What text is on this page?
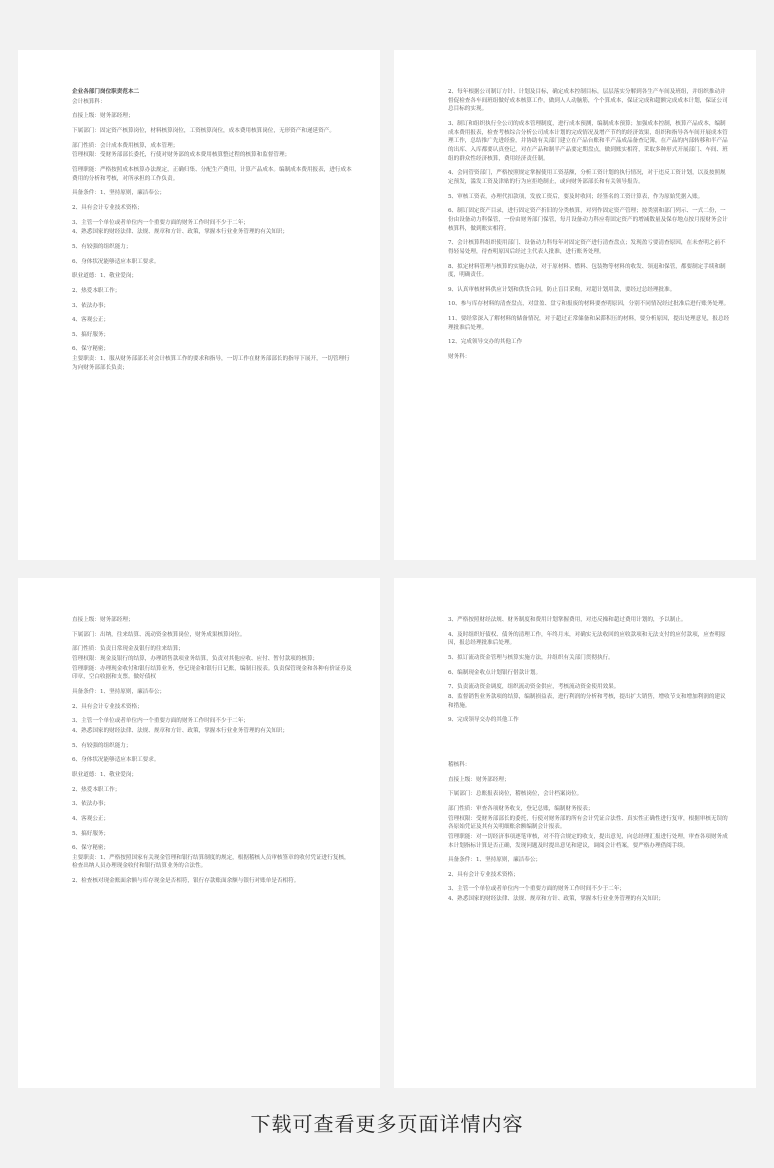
企业各部门岗位职责范本二

会计核算科：

直接上级：财务部经理；

下属部门：固定资产核算岗位，材料核算岗位，工资核算岗位，成本费用核算岗位，无形资产和递延资产。

部门性质：会计成本费用核算，成本管理；

管理权限：受财务部部长委托，行使对财务部的成本费用核算整过程的核算和监督管理；

管理职能：严格按照成本核算办法规定，正确归集、分配生产费用，计算产品成本。编制成本费用报表，进行成本费用的分析和考核，对所承担的工作负责。

具备条件：1、坚持原则，廉洁奉公；

2、具有会计专业技术资格；

3、主管一个单位或者单位内一个重要方面的财务工作时间不少于二年；

4、熟悉国家的财经法律、法规、规章和方针、政策，掌握本行业业务管理的有关知识；

5、有较强的组织能力；

6、身体状况能够适应本职工要求。

职业道德：1、敬业爱岗；

2、热爱本职工作；

3、依法办事；

4、客观公正；

5、搞好服务；

6、保守秘密；

主要职责：1、服从财务部部长对会计核算工作的要求和指导，一切工作在财务部部长的指导下展开，一切管理行为向财务部部长负责；

2、每年根据公司制订方针、计划及目标，确定成本控制目标，层层落实分解到各生产车间及班组，并组织推动并督促检查各车间班组做好成本核算工作，做到人人动脑筋，个个算成本，保证完成和超额完成成本计划，保证公司总目标的实现。

3、制订和组织执行全公司的成本管理制度，进行成本预测，编制成本预算；加强成本控制，核算产品成本，编制成本费用报表，检查考核综合分析公司成本计划的完成情况及增产节约的经济效果，组织和指导各车间开展成本管理工作，总结推广先进经验，并协助有关部门建立在产品台账和半产品成品备查记簿，在产品的内部转移和半产品的出库、入库都要认真登记，对在产品和制半产品要定期盘点，做到账实相符，采取多种形式开展部门、车间、班组的群众性经济核算，费用经济责任制。

4、会同管资部门，严格按照规定掌握使用工资基额，分析工资计划的执行情况，对于违反工资计划，以及按照规定预发，滥发工资及津贴的行为应拒绝制止，或向财务部部长和有关领导报告。

5、审核工资表，办理代扣款项，发放工资后，要及时收回；经签名的工资计算表，作为原始凭据入账。

6、制订固定资产目录，进行固定资产折旧的分类核算，对列作固定资产管理；按类别和部门列示、一式二份，一份由设备动力科保管，一份由财务部门保管，每月设备动力科应将固定资产的增减数量及保存地点按月报财务会计核算科，做到账实相符。

7、会计核算科组织使用部门、设备动力科每年对固定资产进行清查盘点；发现盈亏要清查原因，在未查明之前不得轻易处理，待查明原因后经过主代表人批准，进行账务处理。

8、拟定材料管理与核算的实施办法，对于原材料、燃料、包装物等材料的收发、领退和保管，都要制定手续和制度，明确责任。

9、认真审核材料供应计划和供货合同，防止盲目采购，对超计划用款，要经过总经理批准。

10、参与库存材料的清查盘点，对盘盈、盘亏和报废的材料要查明原因，分别不同情况经过批准后进行账务处理。

11、要经常深入了解材料的储备情况，对于超过正常储备和呆滞积压的材料，要分析原因，提出处理意见，报总经理批准后处理。

12、完成领导交办的其他工作

财务科：

直接上级：财务部经理；

下属部门：出纳，往来结算、流动资金核算岗位，财务成果核算岗位。

部门性质：负责日常现金及银行的往来结算；

管理权限：现金及银行的结算，办理销售款项业务结算，负责对其他应收、应付、暂付款项的核算；

管理职能：办理现金收付和银行结算业务，登记现金和银行日记账，编制日报表。负责保管现金和各种有价证券及印章，空白收据和支票。做好债权

具备条件：1、坚持原则，廉洁奉公；

2、具有会计专业技术资格；

3、主管一个单位或者单位内一个重要方面的财务工作时间不少于二年；

4、熟悉国家的财经法律、法规、规章和方针、政策，掌握本行业业务管理的有关知识；

5、有较强的组织能力；

6、身体状况能够适应本职工要求。

职业道德：1、敬业爱岗；

2、热爱本职工作；

3、依法办事；

4、客观公正；

5、搞好服务；

6、保守秘密；

主要职责：1、严格按照国家有关现金管理和银行结算制度的规定，根据稽核人员审核签章的收付凭证进行复核，检查出纳人员办理现金收付和银行结算业务的合法性。

2、检查核对现金账面余额与库存现金是否相符，银行存款账面余额与银行对账单是否相符。

3、严格按照财经法规、财务制度和费用计划掌握费用，对违反操和超过费用计划的，予以制止。

4、及时组织好债权、债务的清理工作，年终月末，对确实无法收回的应收款项和无法支付的应付款项，应查明原因，报总经理批准后处理。

5、拟订流动资金管理与核算实施方法，并组织有关部门贯彻执行。

6、编制现金收点计划银行借款计划。

7、负责流动资金调度，组织流动资金供应，考核流动资金使用效果。

8、监督销售业务款项的结算，编制损益表，进行利润的分析和考核，提出扩大销售，增收节支和增加利润的建议和措施。

9、完成领导交办的其他工作

稽核科：

直接上级：财务部经理；

下属部门：总账报表岗位，稽核岗位，会计档案岗位。

部门性质：审查各项财务收支，登记总账，编制财务报表；

管理权限：受财务部部长的委托，行使对财务部的所有会计凭证合法性、真实性正确性进行复审，根据审核无误的各原始凭证及其有关明细账余额编制会计报表。

管理职能：对一切经济事项逐笔审核，对不符合规定的收支，提出意见，向总经理汇报进行处理，审查各项财务成本计划指标计算是否正确，发现问题及时提出意见和建议，调阅会计档案，要严格办理借阅手续。

具备条件：1、坚持原则，廉洁奉公；

2、具有会计专业技术资格；

3、主管一个单位或者单位内一个重要方面的财务工作时间不少于二年；

4、熟悉国家的财经法律、法规、规章和方针、政策，掌握本行业业务管理的有关知识；

下载可查看更多页面详情内容
